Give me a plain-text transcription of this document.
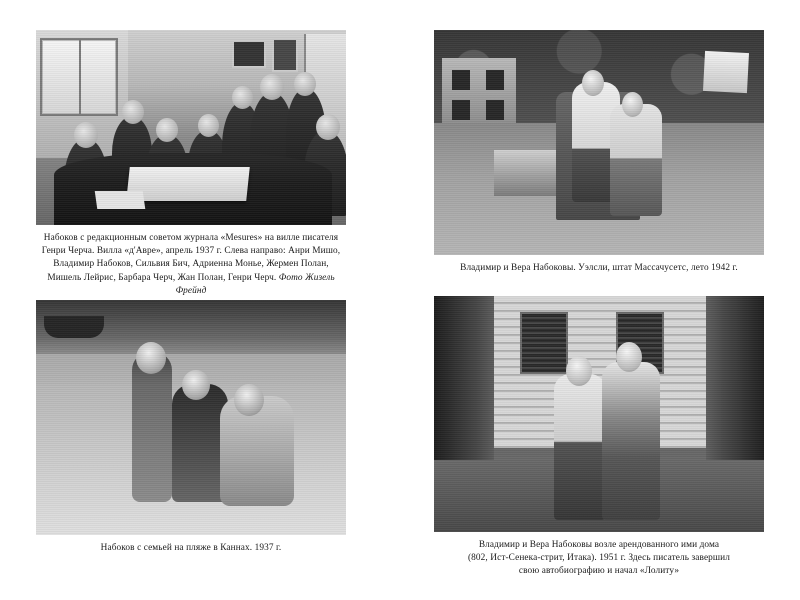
Набоков с редакционным советом журнала «Mesures» на вилле писателя
Генри Черча. Вилла «д'Авре», апрель 1937 г. Слева направо: Анри Мишо,
Владимир Набоков, Сильвия Бич, Адриенна Монье, Жермен Полан,
Мишель Лейрис, Барбара Черч, Жан Полан, Генри Черч. Фото Жизель Фрейнд
Владимир и Вера Набоковы. Уэлсли, штат Массачусетс, лето 1942 г.
Набоков с семьей на пляже в Каннах. 1937 г.	Владимир и Вера Набоковы возле арендованного ими дома
(802, Ист-Сенека-стрит, Итака). 1951 г. Здесь писатель завершил
свою автобиографию и начал «Лолиту»
